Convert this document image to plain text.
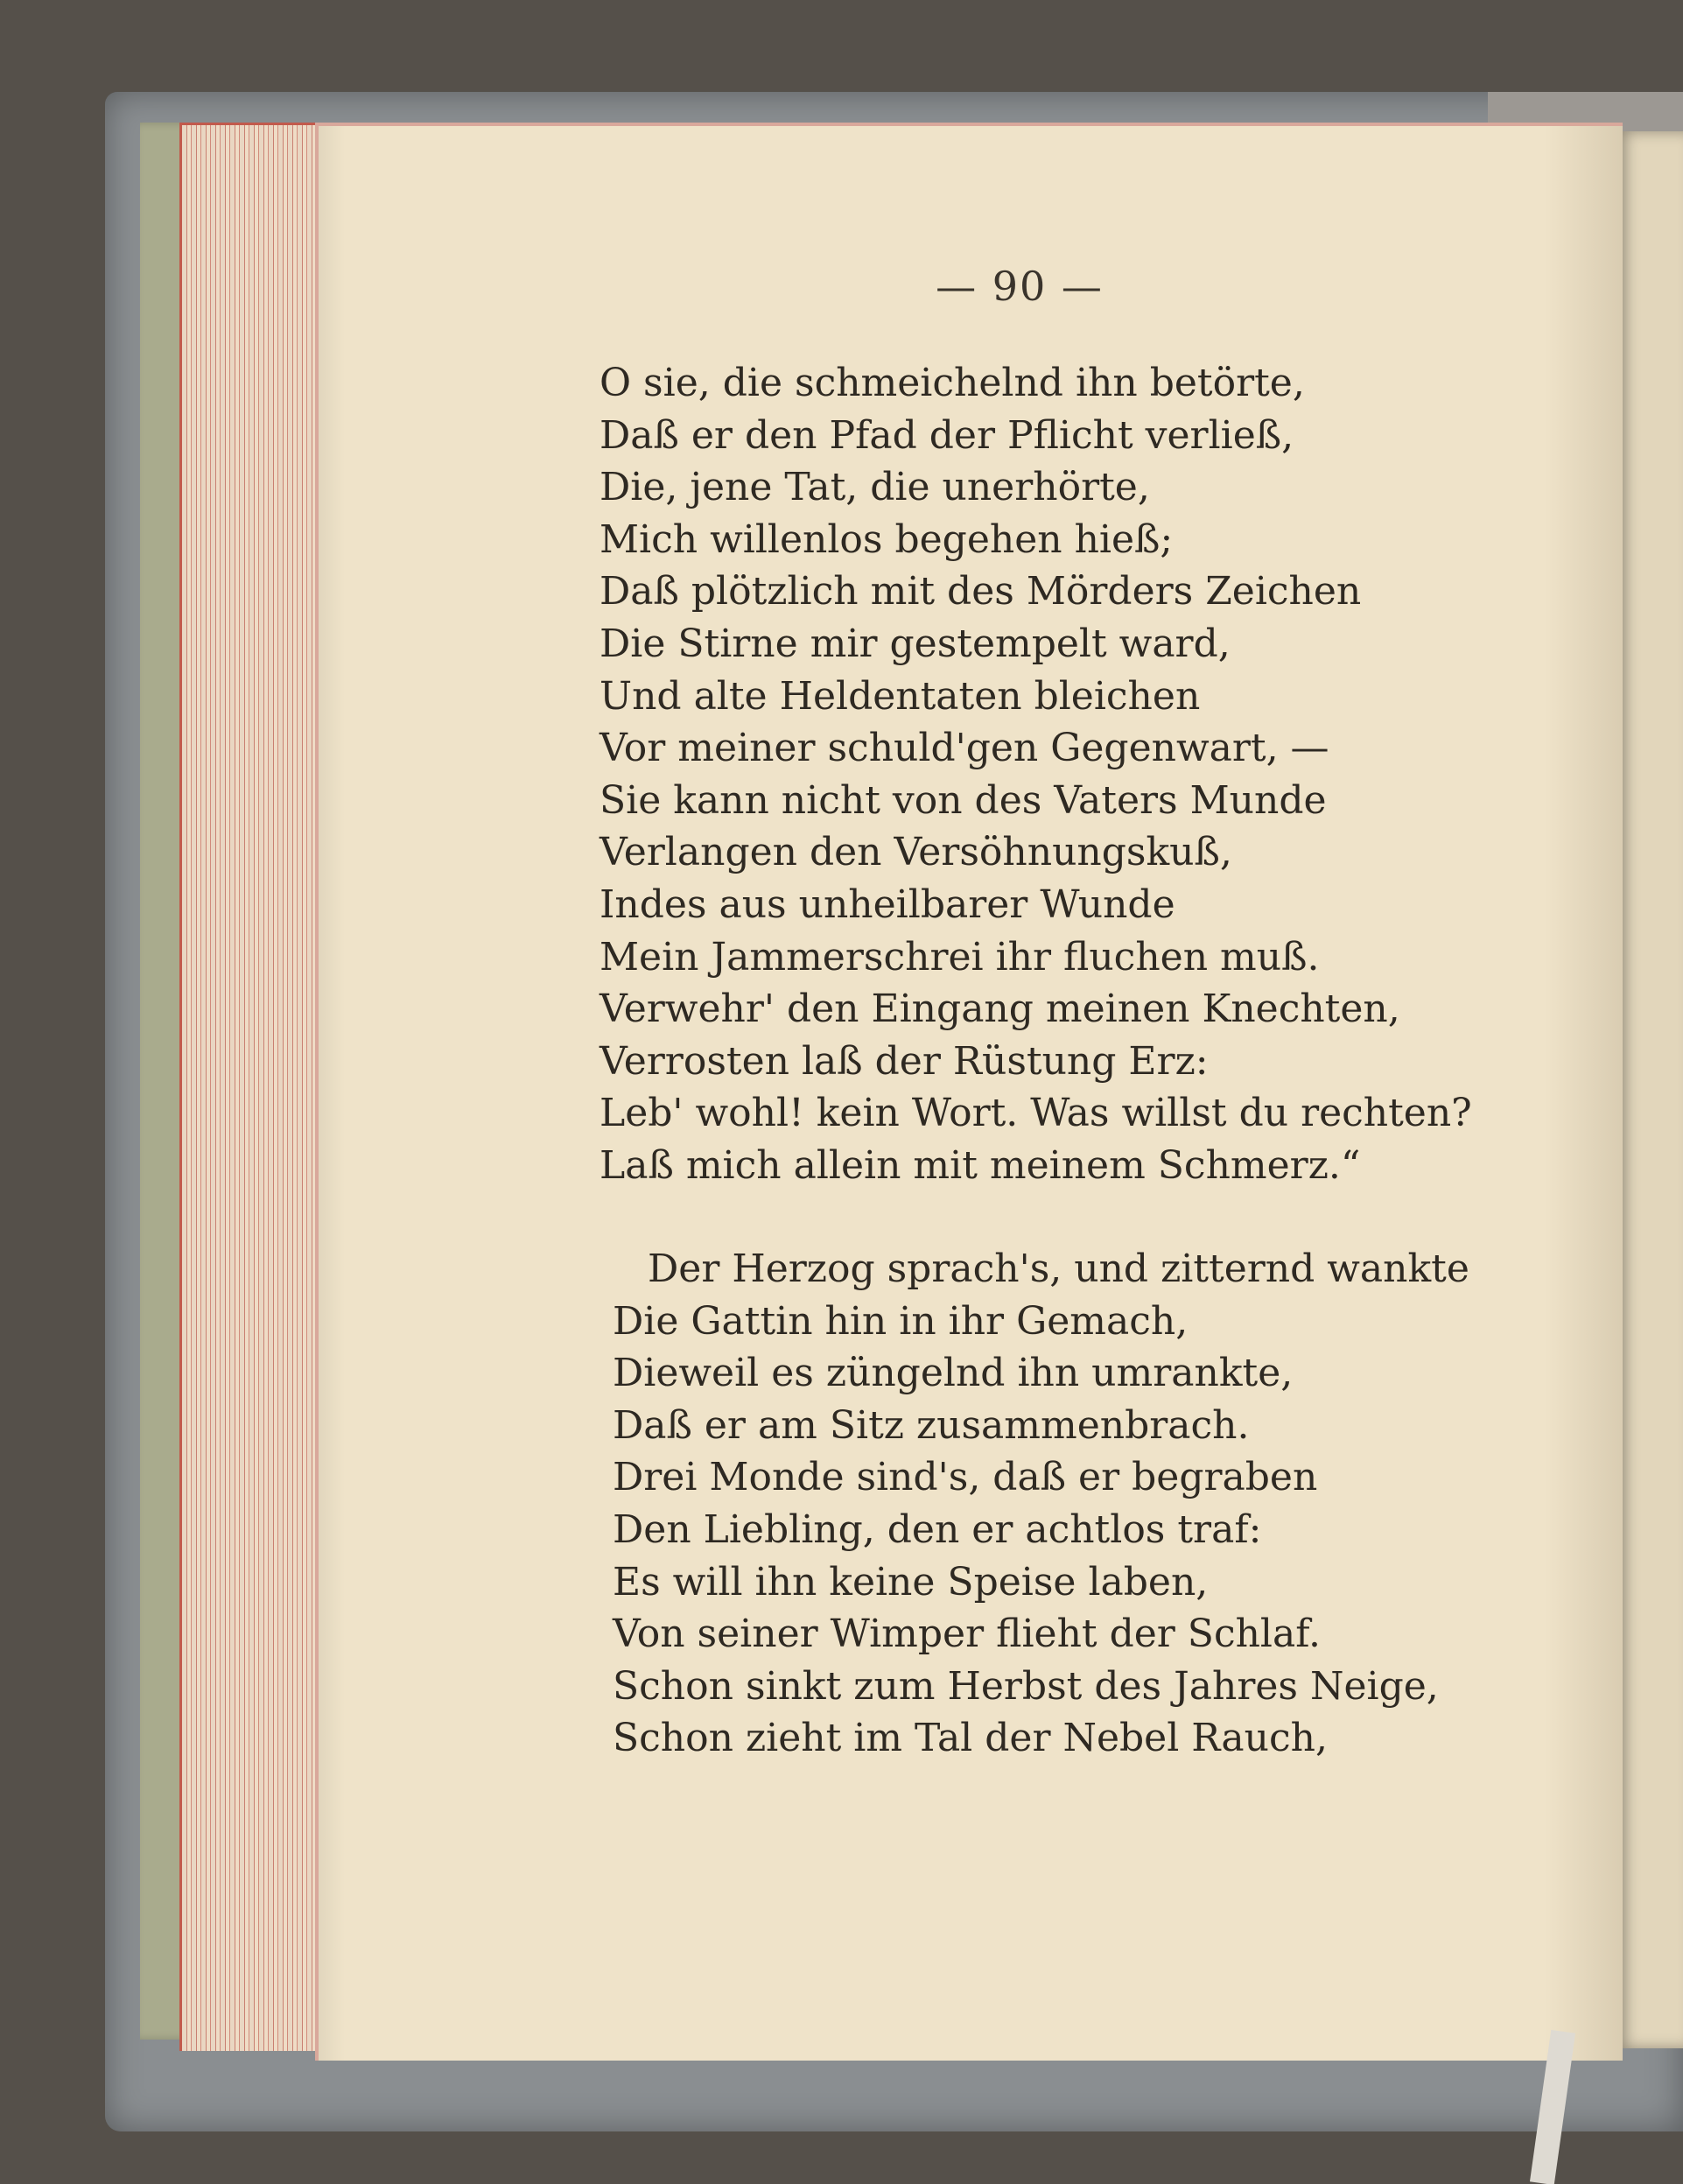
— 90 —
O sie, die schmeichelnd ihn betörte,
Daß er den Pfad der Pflicht verließ,
Die, jene Tat, die unerhörte,
Mich willenlos begehen hieß;
Daß plötzlich mit des Mörders Zeichen
Die Stirne mir gestempelt ward,
Und alte Heldentaten bleichen
Vor meiner schuld'gen Gegenwart, —
Sie kann nicht von des Vaters Munde
Verlangen den Versöhnungskuß,
Indes aus unheilbarer Wunde
Mein Jammerschrei ihr fluchen muß.
Verwehr' den Eingang meinen Knechten,
Verrosten laß der Rüstung Erz:
Leb' wohl! kein Wort. Was willst du rechten?
Laß mich allein mit meinem Schmerz.“
Der Herzog sprach's, und zitternd wankte
Die Gattin hin in ihr Gemach,
Dieweil es züngelnd ihn umrankte,
Daß er am Sitz zusammenbrach.
Drei Monde sind's, daß er begraben
Den Liebling, den er achtlos traf:
Es will ihn keine Speise laben,
Von seiner Wimper flieht der Schlaf.
Schon sinkt zum Herbst des Jahres Neige,
Schon zieht im Tal der Nebel Rauch,
